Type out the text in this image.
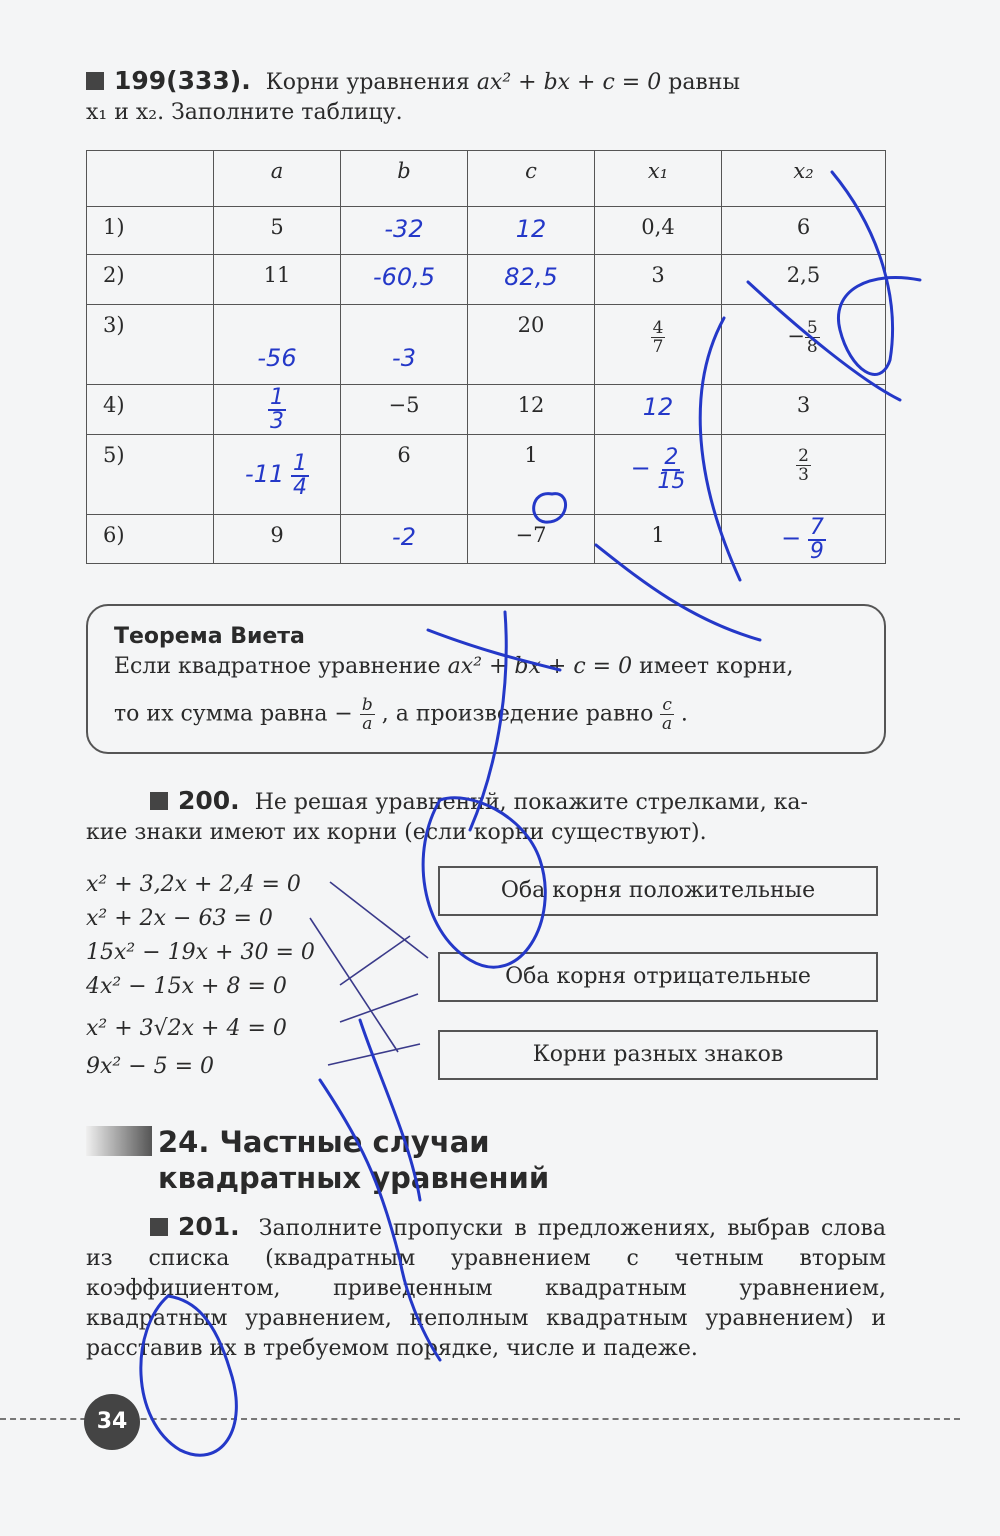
199(333). Корни уравнения ax² + bx + c = 0 равны
x₁ и x₂. Заполните таблицу.
	a	b	c	x₁	x₂
1)	5	-32	12	0,4	6
2)	11	-60,5	82,5	3	2,5
3)	-56	-3	20	$\frac{4}{7}$	− $\frac{5}{8}$

4)	$\frac{1}{3}$	−5	12	12	3
5)	$-11 \frac{1}{4}$	6	1	− $\frac{2}{15}$	$\frac{2}{3}$

6)	9	-2	−7	1	− $\frac{7}{9}$
Теорема Виета
Если квадратное уравнение ax² + bx + c = 0 имеет корни,
то их сумма равна − $\frac{b}{a}$ , а произведение равно $\frac{c}{a}$ .
200. Не решая уравнений, покажите стрелками, ка-
кие знаки имеют их корни (если корни существуют).
x² + 3,2x + 2,4 = 0
x² + 2x − 63 = 0
15x² − 19x + 30 = 0
4x² − 15x + 8 = 0
x² + 3√2x + 4 = 0
9x² − 5 = 0
Оба корня положительные
Оба корня отрицательные
Корни разных знаков
24. Частные случаи
квадратных уравнений
201. Заполните пропуски в предложениях, выбрав слова из списка (квадратным уравнением с четным вторым коэффициентом, приведенным квадратным уравнением, квадратным уравнением, неполным квадратным уравнением) и расставив их в требуемом порядке, числе и падеже.
34
